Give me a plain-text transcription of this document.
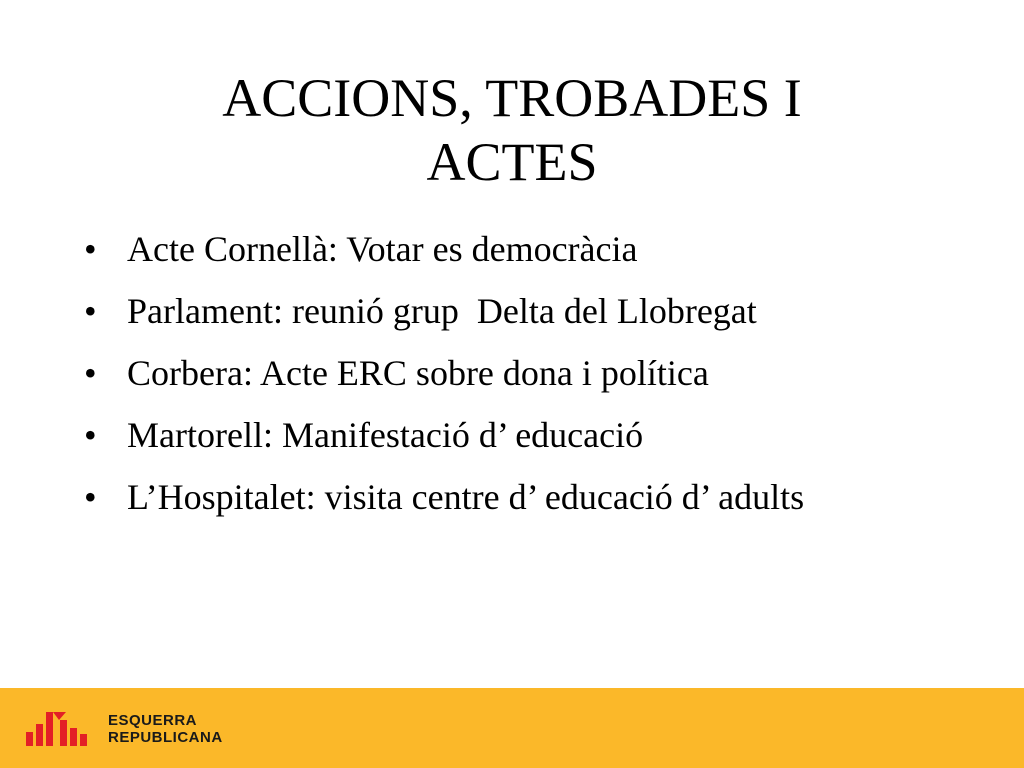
ACCIONS, TROBADES I
ACTES
• Acte Cornellà: Votar es democràcia
• Parlament: reunió grup  Delta del Llobregat
• Corbera: Acte ERC sobre dona i política
• Martorell: Manifestació d’ educació
• L’Hospitalet: visita centre d’ educació d’ adults
ESQUERRA
REPUBLICANA
